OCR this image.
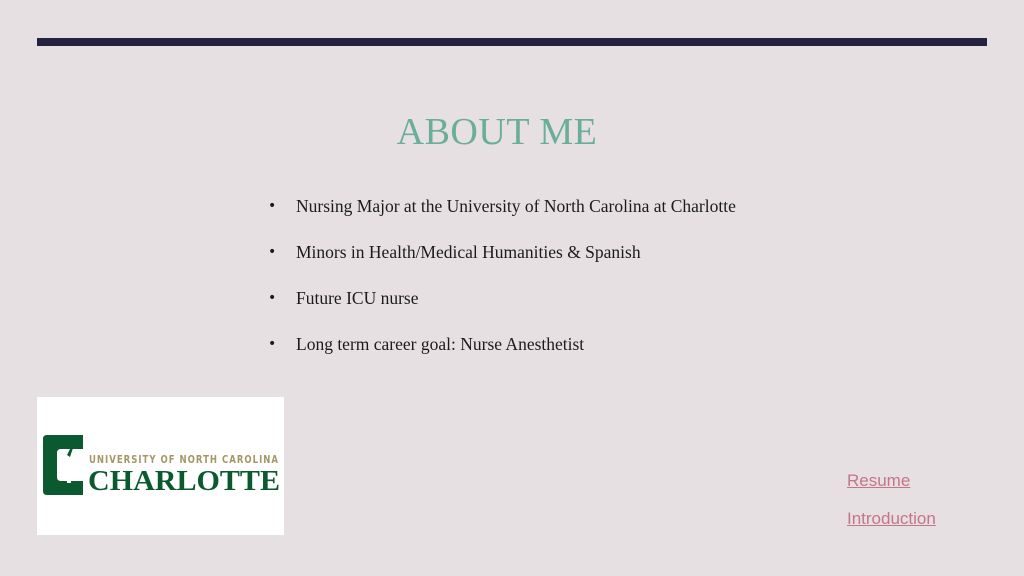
ABOUT ME
• Nursing Major at the University of North Carolina at Charlotte
• Minors in Health/Medical Humanities & Spanish
• Future ICU nurse
• Long term career goal: Nurse Anesthetist
UNIVERSITY OF NORTH CAROLINA
CHARLOTTE	Resume
Introduction
